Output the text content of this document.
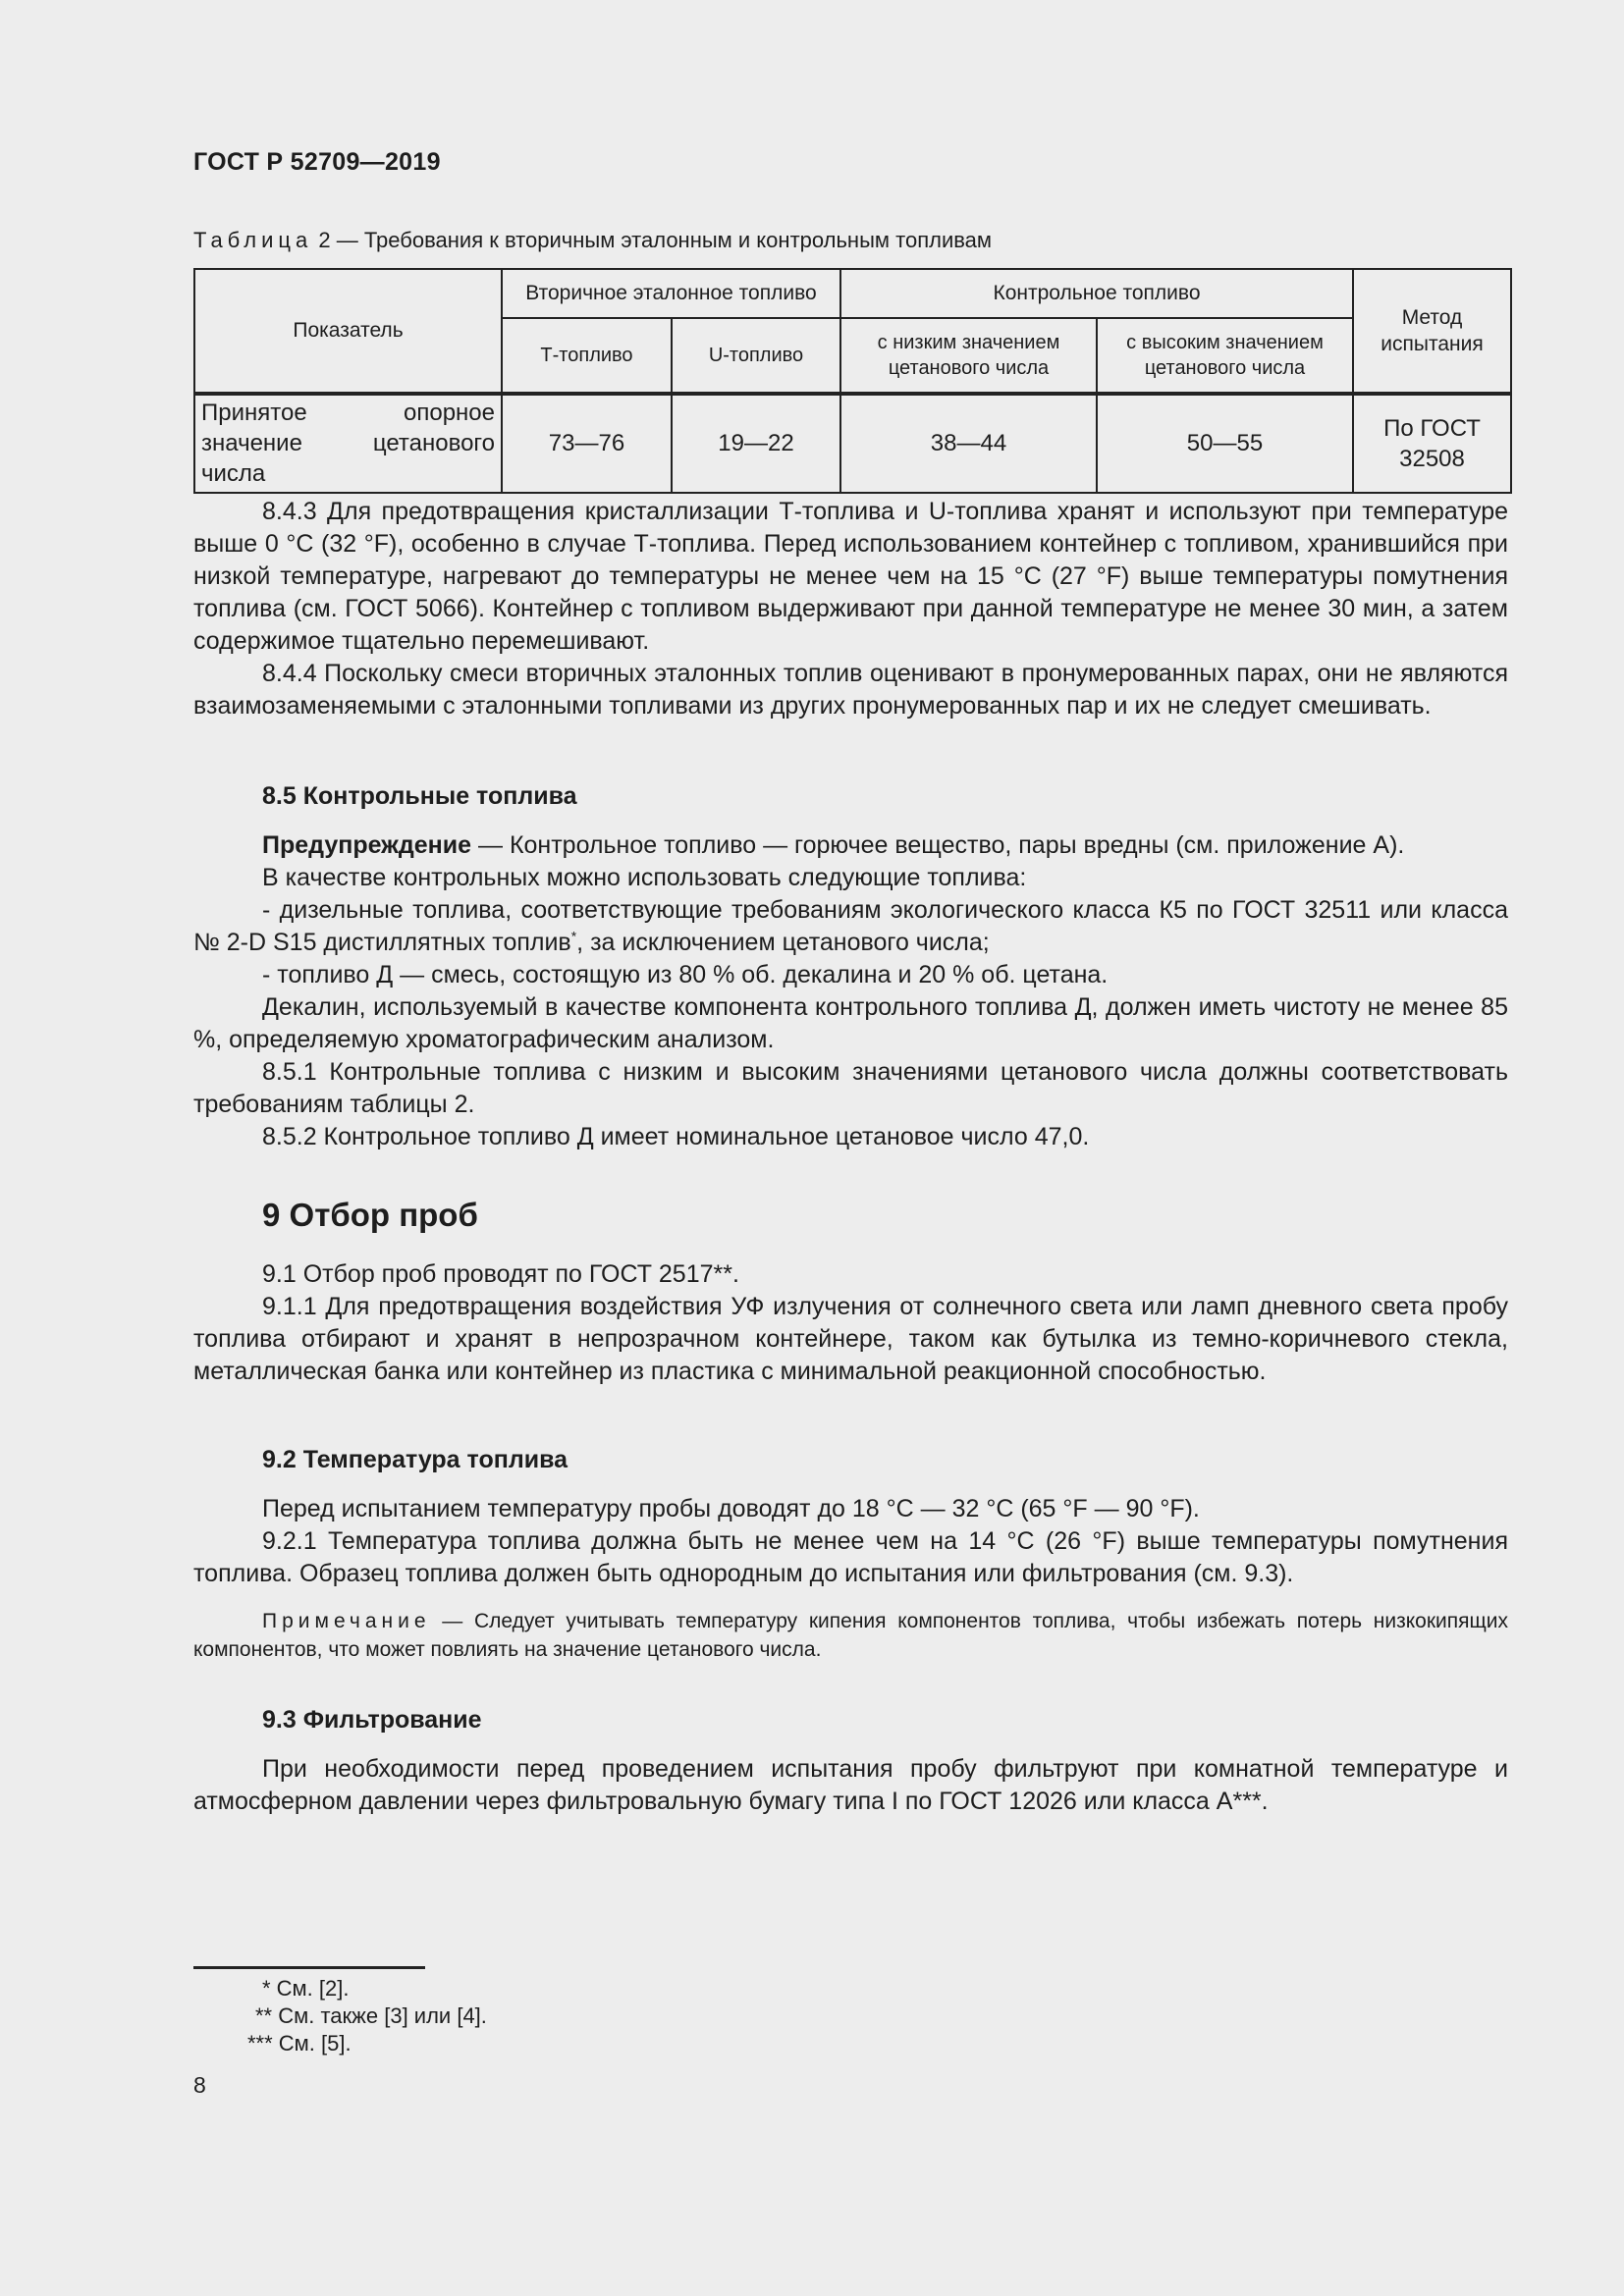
ГОСТ Р 52709—2019
Таблица 2 — Требования к вторичным эталонным и контрольным топливам
Показатель	Вторичное эталонное топливо		Контрольное топливо		Метод испытания
	Т-топливо	U-топливо	с низким значением цетанового числа	с высоким значением цетанового числа	
Принятое опорное значение цетанового числа	73—76	19—22	38—44	50—55	По ГОСТ 32508

8.4.3 Для предотвращения кристаллизации Т-топлива и U-топлива хранят и используют при температуре выше 0 °С (32 °F), особенно в случае Т-топлива. Перед использованием контейнер с топливом, хранившийся при низкой температуре, нагревают до температуры не менее чем на 15 °С (27 °F) выше температуры помутнения топлива (см. ГОСТ 5066). Контейнер с топливом выдерживают при данной температуре не менее 30 мин, а затем содержимое тщательно перемешивают.

8.4.4 Поскольку смеси вторичных эталонных топлив оценивают в пронумерованных парах, они не являются взаимозаменяемыми с эталонными топливами из других пронумерованных пар и их не следует смешивать.

8.5 Контрольные топлива

Предупреждение — Контрольное топливо — горючее вещество, пары вредны (см. приложение А).

В качестве контрольных можно использовать следующие топлива:

- дизельные топлива, соответствующие требованиям экологического класса К5 по ГОСТ 32511 или класса № 2-D S15 дистиллятных топлив*, за исключением цетанового числа;

- топливо Д — смесь, состоящую из 80 % об. декалина и 20 % об. цетана.

Декалин, используемый в качестве компонента контрольного топлива Д, должен иметь чистоту не менее 85 %, определяемую хроматографическим анализом.

8.5.1 Контрольные топлива с низким и высоким значениями цетанового числа должны соответствовать требованиям таблицы 2.

8.5.2 Контрольное топливо Д имеет номинальное цетановое число 47,0.

9 Отбор проб

9.1 Отбор проб проводят по ГОСТ 2517**.

9.1.1 Для предотвращения воздействия УФ излучения от солнечного света или ламп дневного света пробу топлива отбирают и хранят в непрозрачном контейнере, таком как бутылка из темно-коричневого стекла, металлическая банка или контейнер из пластика с минимальной реакционной способностью.

9.2 Температура топлива

Перед испытанием температуру пробы доводят до 18 °С — 32 °С (65 °F — 90 °F).

9.2.1 Температура топлива должна быть не менее чем на 14 °С (26 °F) выше температуры помутнения топлива. Образец топлива должен быть однородным до испытания или фильтрования (см. 9.3).

Примечание — Следует учитывать температуру кипения компонентов топлива, чтобы избежать потерь низкокипящих компонентов, что может повлиять на значение цетанового числа.

9.3 Фильтрование

При необходимости перед проведением испытания пробу фильтруют при комнатной температуре и атмосферном давлении через фильтровальную бумагу типа I по ГОСТ 12026 или класса А***.

* См. [2].
** См. также [3] или [4].
*** См. [5].
8
